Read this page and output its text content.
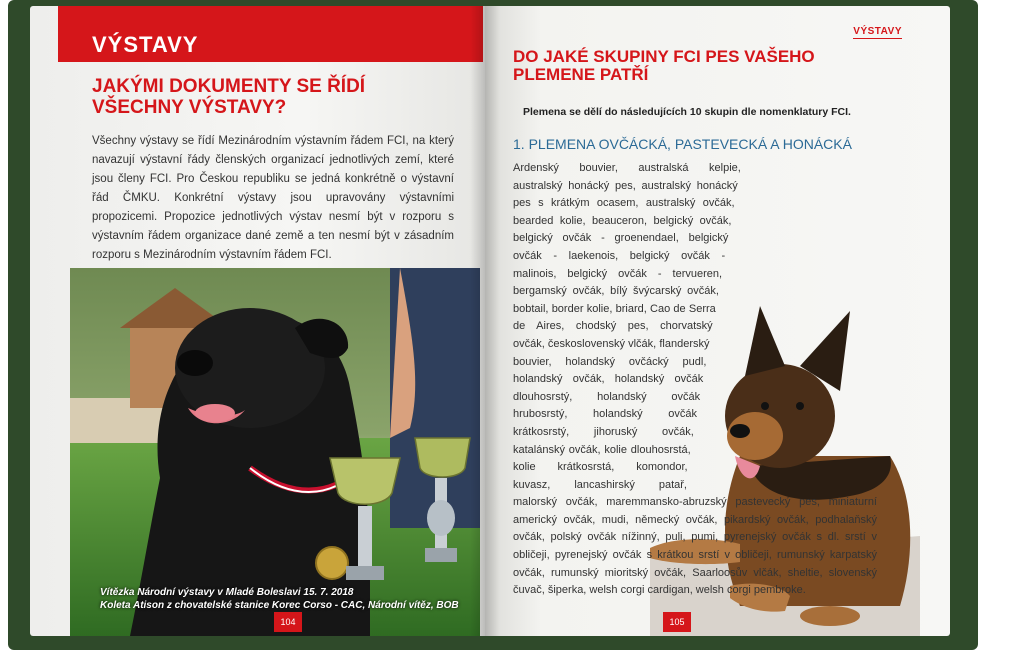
VÝSTAVY
JAKÝMI DOKUMENTY SE ŘÍDÍ VŠECHNY VÝSTAVY?
Všechny výstavy se řídí Mezinárodním výstavním řádem FCI, na který navazují výstavní řády členských organizací jednotlivých zemí, které jsou členy FCI. Pro Českou republiku se jedná konkrétně o výstavní řád ČMKU. Konkrétní výstavy jsou upravovány výstavními propozicemi. Propozice jednotlivých výstav nesmí být v rozporu s výstavním řádem organizace dané země a ten nesmí být v zásadním rozporu s Mezinárodním výstavním řádem FCI.
Vítězka Národní výstavy v Mladé Boleslavi 15. 7. 2018
Koleta Atison z chovatelské stanice Korec Corso - CAC, Národní vítěz, BOB
104
VÝSTAVY
DO JAKÉ SKUPINY FCI PES VAŠEHO PLEMENE PATŘÍ
Plemena se dělí do následujících 10 skupin dle nomenklatury FCI.
1. PLEMENA OVČÁCKÁ, PASTEVECKÁ A HONÁCKÁ

Ardenský bouvier, australská kelpie, australský honácký pes, australský honácký pes s krátkým ocasem, australský ovčák, bearded kolie, beauceron, belgický ovčák, belgický ovčák - groenendael, belgický ovčák - laekenois, belgický ovčák - malinois, belgický ovčák - tervueren, bergamský ovčák, bílý švýcarský ovčák, bobtail, border kolie, briard, Cao de Serra de Aires, chodský pes, chorvatský ovčák, československý vlčák, flanderský bouvier, holandský ovčácký pudl, holandský ovčák, holandský ovčák dlouhosrstý, holandský ovčák hrubosrstý, holandský ovčák krátkosrstý, jihoruský ovčák, katalánský ovčák, kolie dlouhosrstá, kolie krátkosrstá, komondor, kuvasz, lancashirský patař, malorský ovčák, maremmansko-abruzský pastevecký pes, miniaturní americký ovčák, mudi, německý ovčák, pikardský ovčák, podhalaňský ovčák, polský ovčák nížinný, puli, pumi, pyrenejský ovčák s dl. srstí v obličeji, pyrenejský ovčák s krátkou srstí v obličeji, rumunský karpatský ovčák, rumunský mioritský ovčák, Saarloosův vlčák, sheltie, slovenský čuvač, šiperka, welsh corgi cardigan, welsh corgi pembroke.

105
